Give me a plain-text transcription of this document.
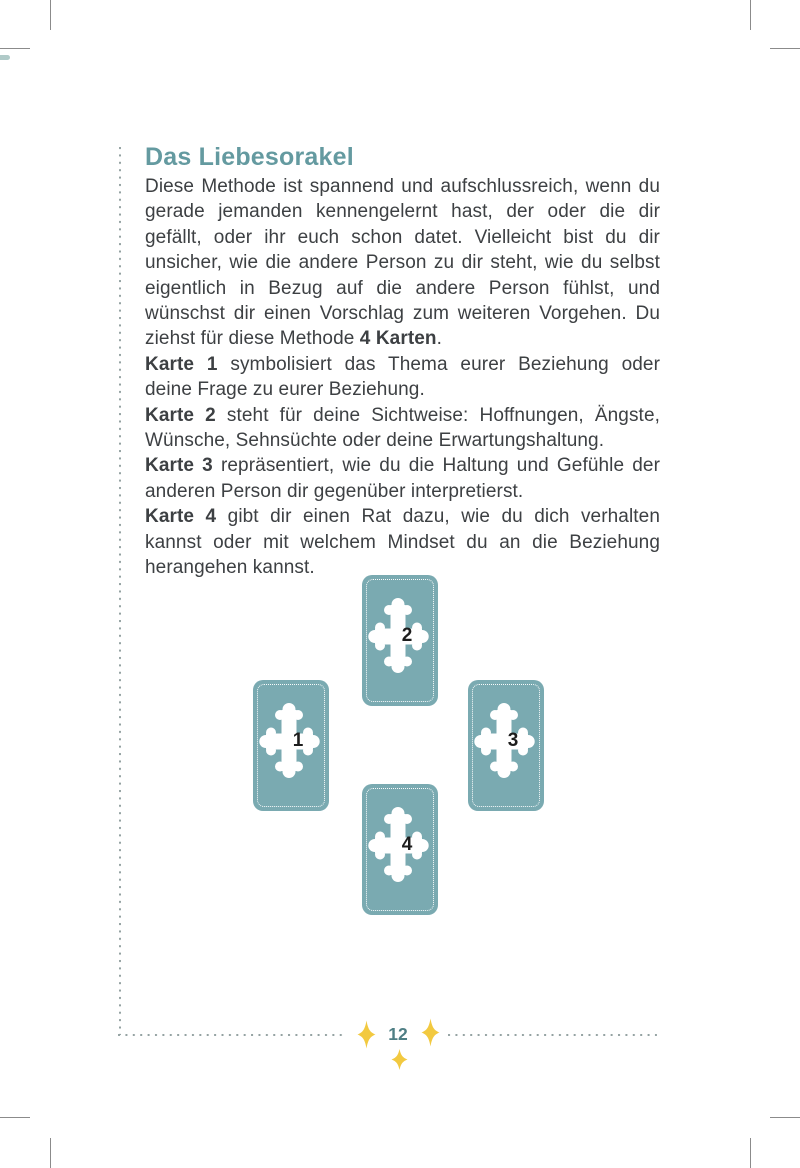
Das Liebesorakel

Diese Methode ist spannend und aufschlussreich, wenn du gerade jemanden kennengelernt hast, der oder die dir gefällt, oder ihr euch schon datet. Vielleicht bist du dir unsicher, wie die andere Person zu dir steht, wie du selbst eigentlich in Bezug auf die andere Person fühlst, und wünschst dir einen Vorschlag zum weiteren Vorgehen. Du ziehst für diese Methode 4 Karten.

Karte 1 symbolisiert das Thema eurer Beziehung oder deine Frage zu eurer Beziehung.

Karte 2 steht für deine Sichtweise: Hoffnungen, Ängste, Wünsche, Sehnsüchte oder deine Erwartungshaltung.

Karte 3 repräsentiert, wie du die Haltung und Gefühle der anderen Person dir gegenüber interpretierst.

Karte 4 gibt dir einen Rat dazu, wie du dich verhalten kannst oder mit welchem Mindset du an die Beziehung herangehen kannst.

2
1	3
4
12
